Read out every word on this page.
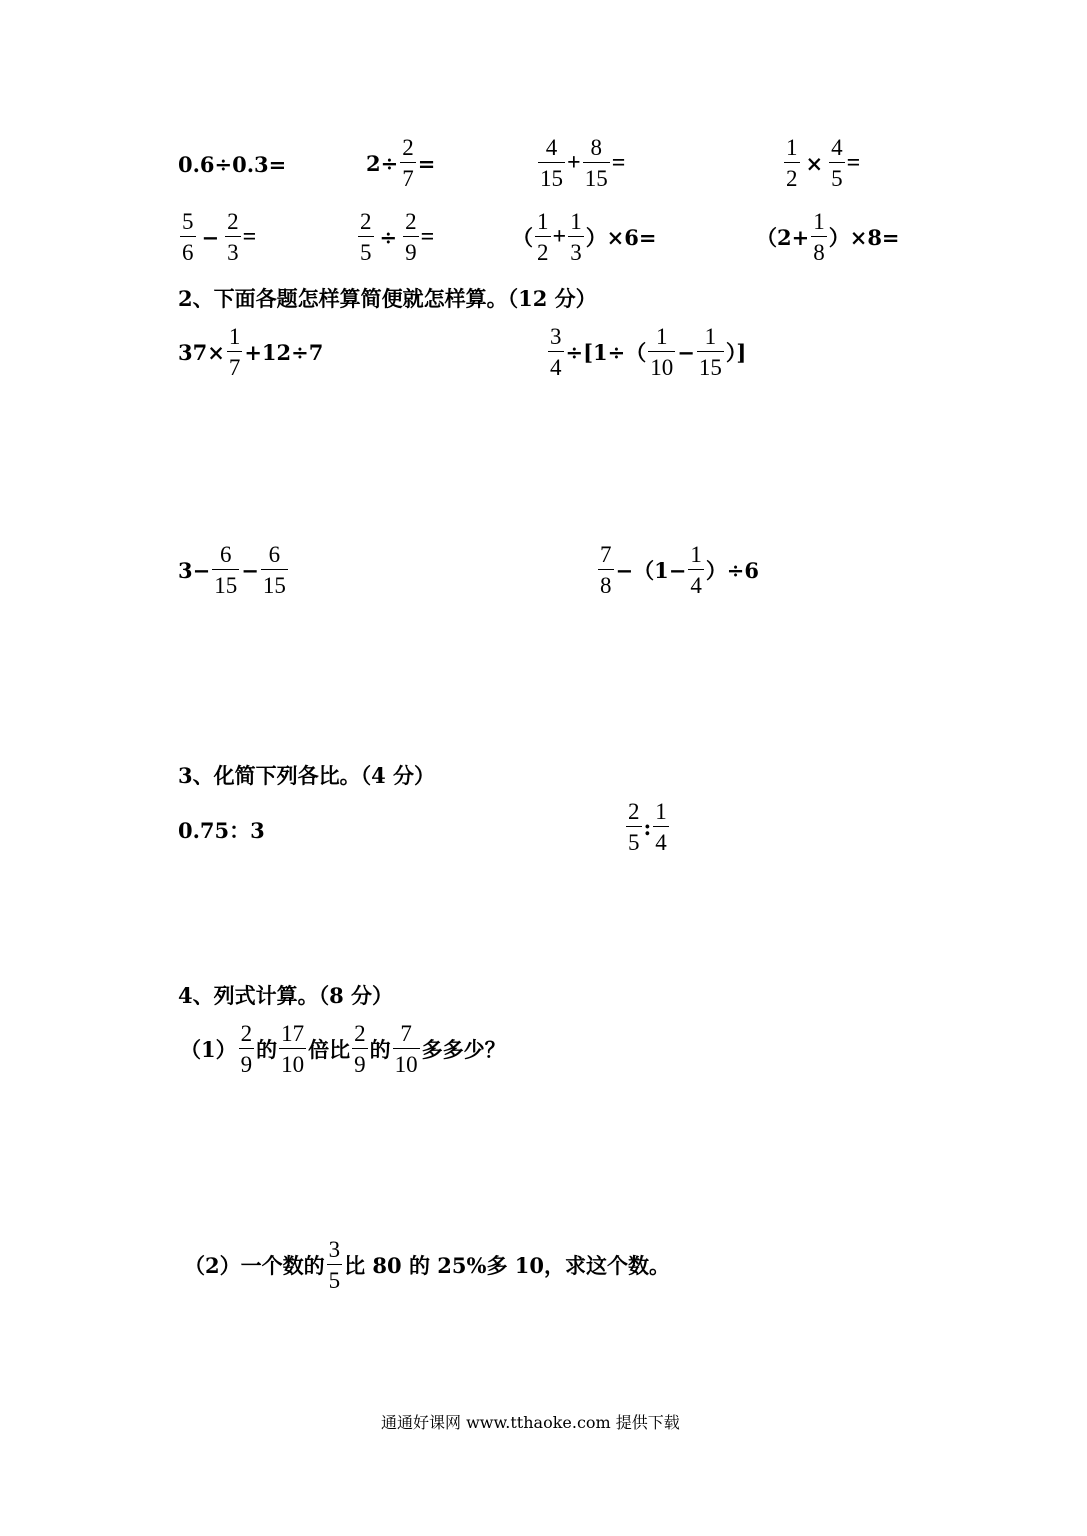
0.6÷0.3=	$2\div \frac{2}{7}$ =	$\frac{4}{15} + \frac{8}{15}$ =	$\frac{1}{2} \times \frac{4}{5}$ =
$\frac{5}{6} - \frac{2}{3}$ =	$\frac{2}{5} \div \frac{2}{9}$ =	（ $\frac{1}{2} + \frac{1}{3} )\times 6=$	$(2+ \frac{1}{8} )\times 8=$
2、下面各题怎样算简便就怎样算。（12 分）
$37\times \frac{1}{7} +12\div 7$	$\frac{3}{4} \div[1\div( \frac{1}{10} - \frac{1}{15}$ ）]
$3- \frac{6}{15} - \frac{6}{15}$	$\frac{7}{8} -(1- \frac{1}{4} )\div 6$
3、化简下列各比。（4 分）
0.75：3	$\frac{2}{5}$ : $\frac{1}{4}$
4、列式计算。（8 分）
$(1) \frac{2}{9}$ 的 $\frac{17}{10}$ 倍比 $\frac{2}{9}$ 的 $\frac{7}{10}$ 多多少？
（2）一个数的 $\frac{3}{5}$ 比 80 的 25%多 10，求这个数。
通通好课网 www.tthaoke.com 提供下载
